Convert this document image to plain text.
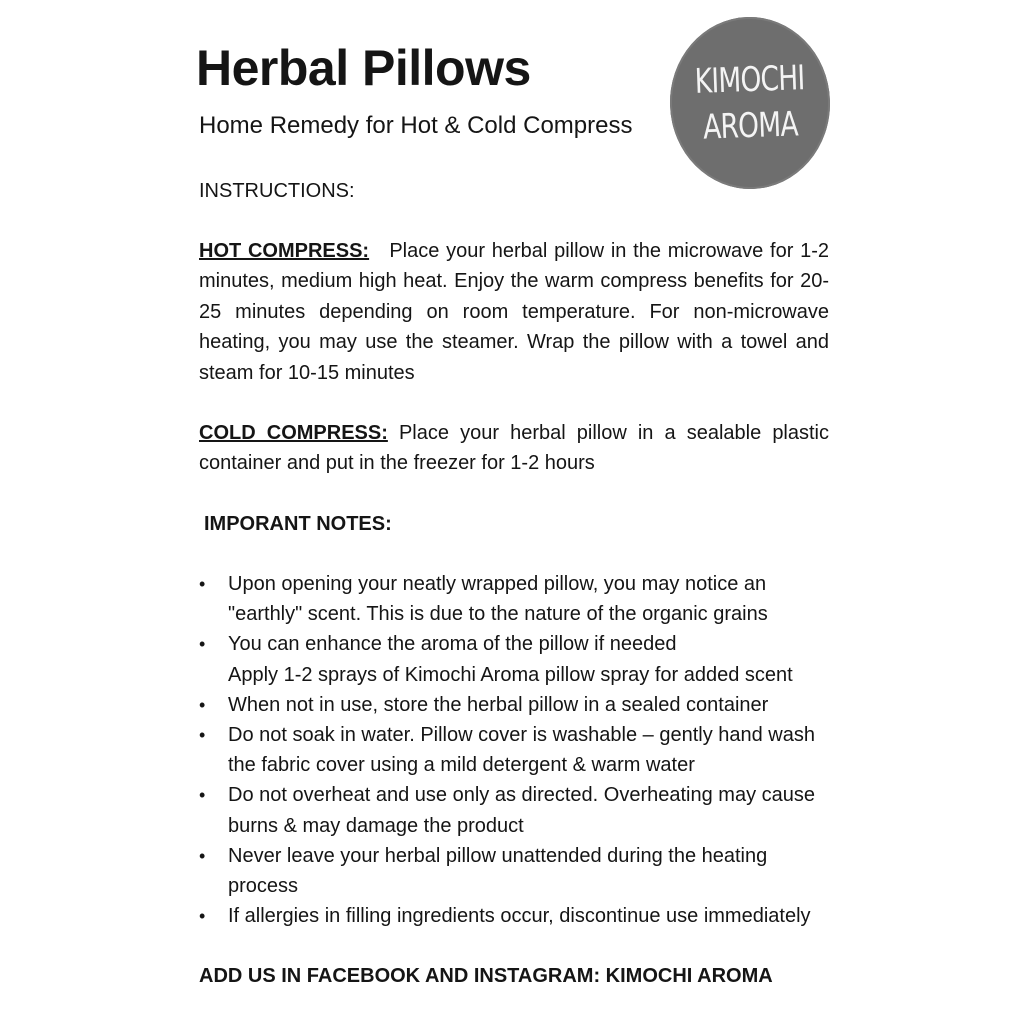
Herbal Pillows

Home Remedy for Hot & Cold Compress

KIMOCHI
AROMA

INSTRUCTIONS:

HOT COMPRESS: Place your herbal pillow in the microwave for 1-2 minutes, medium high heat. Enjoy the warm compress benefits for 20-25 minutes depending on room temperature. For non-microwave heating, you may use the steamer. Wrap the pillow with a towel and steam for 10-15 minutes

COLD COMPRESS: Place your herbal pillow in a sealable plastic container and put in the freezer for 1-2 hours

IMPORANT NOTES:

• Upon opening your neatly wrapped pillow, you may notice an
"earthly" scent. This is due to the nature of the organic grains
• You can enhance the aroma of the pillow if needed
Apply 1-2 sprays of Kimochi Aroma pillow spray for added scent
• When not in use, store the herbal pillow in a sealed container
• Do not soak in water. Pillow cover is washable – gently hand wash
the fabric cover using a mild detergent & warm water
• Do not overheat and use only as directed. Overheating may cause
burns & may damage the product
• Never leave your herbal pillow unattended during the heating
process
• If allergies in filling ingredients occur, discontinue use immediately

ADD US IN FACEBOOK AND INSTAGRAM: KIMOCHI AROMA
